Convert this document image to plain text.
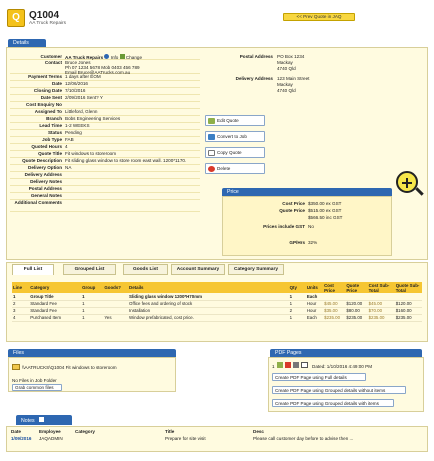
Q Q1004
AA Truck Repairs
<< Prev Quote in JAQ
Details
Customer AA Truck Repairs Info Change
Contact Bruce Jones
Ph 07 1234 5678 Mob 0403 456 789
Email Bruce@AATrucks.com.au
Payment Terms 1 days after EOM
Date 12/06/2016
Closing Date 7/10/2016
Date Sent 2/09/2016 Sent? Y
Cost Enquiry No
Assigned To Littleford, Glenn
Branch Bobs Engineering Services
Lead Time 1-2 WEEKS
Status Pending
Job Type FAB
Quoted Hours 4
Quote Title Fit windows to storeroom
Quote Description Fit sliding glass window to store room east wall. 1200*1170.
Delivery Option NA
Delivery Address
Delivery Notes
Postal Address
General Notes
Additional Comments
Postal Address PO Box 1234
Mackay
4740 Qld
Delivery Address 123 Main Street
Mackay
4740 Qld
Edit Quote
Convert to Job
Copy Quote
Delete
Price
Cost Price $350.00 ex GST
Quote Price $515.00 ex GST
$566.50 inc GST
Prices include GST No
GP/Hrs 32%
Full List	Grouped List	Goods List	Account Summary	Category Summary
Line	Category	Group	Goods?	Details	Qty	Units	Cost Price	Quote Price	Cost Sub-Total	Quote Sub-Total
1	Group Title	1		Sliding glass window 1200*H70mm	1	Each				
2	Standard Fee	1		Office fees and ordering of stock	1	Hour	$45.00	$120.00	$45.00	$120.00
3	Standard Fee	1		Installation	2	Hour	$35.00	$80.00	$70.00	$160.00
4	Purchased Item	1	Yes	Window prefabricated, cost price.	1	Each	$235.00	$235.00	$235.00	$235.00
Files
\\AATRUCKS\Q1004 Fit windows to storeroom
No Files in Job Folder
Grab common files
PDF Pages
1	Dated: 1/10/2016 4:49:00 PM
Create PDF Page using Full details
Create PDF Page using Grouped details without items
Create PDF Page using Grouped details with items
Notes
Date	Employee	Category	Title	Desc
1/09/2016	JAQADMIN		Prepare for site visit	Please call customer day before to advise then ...
